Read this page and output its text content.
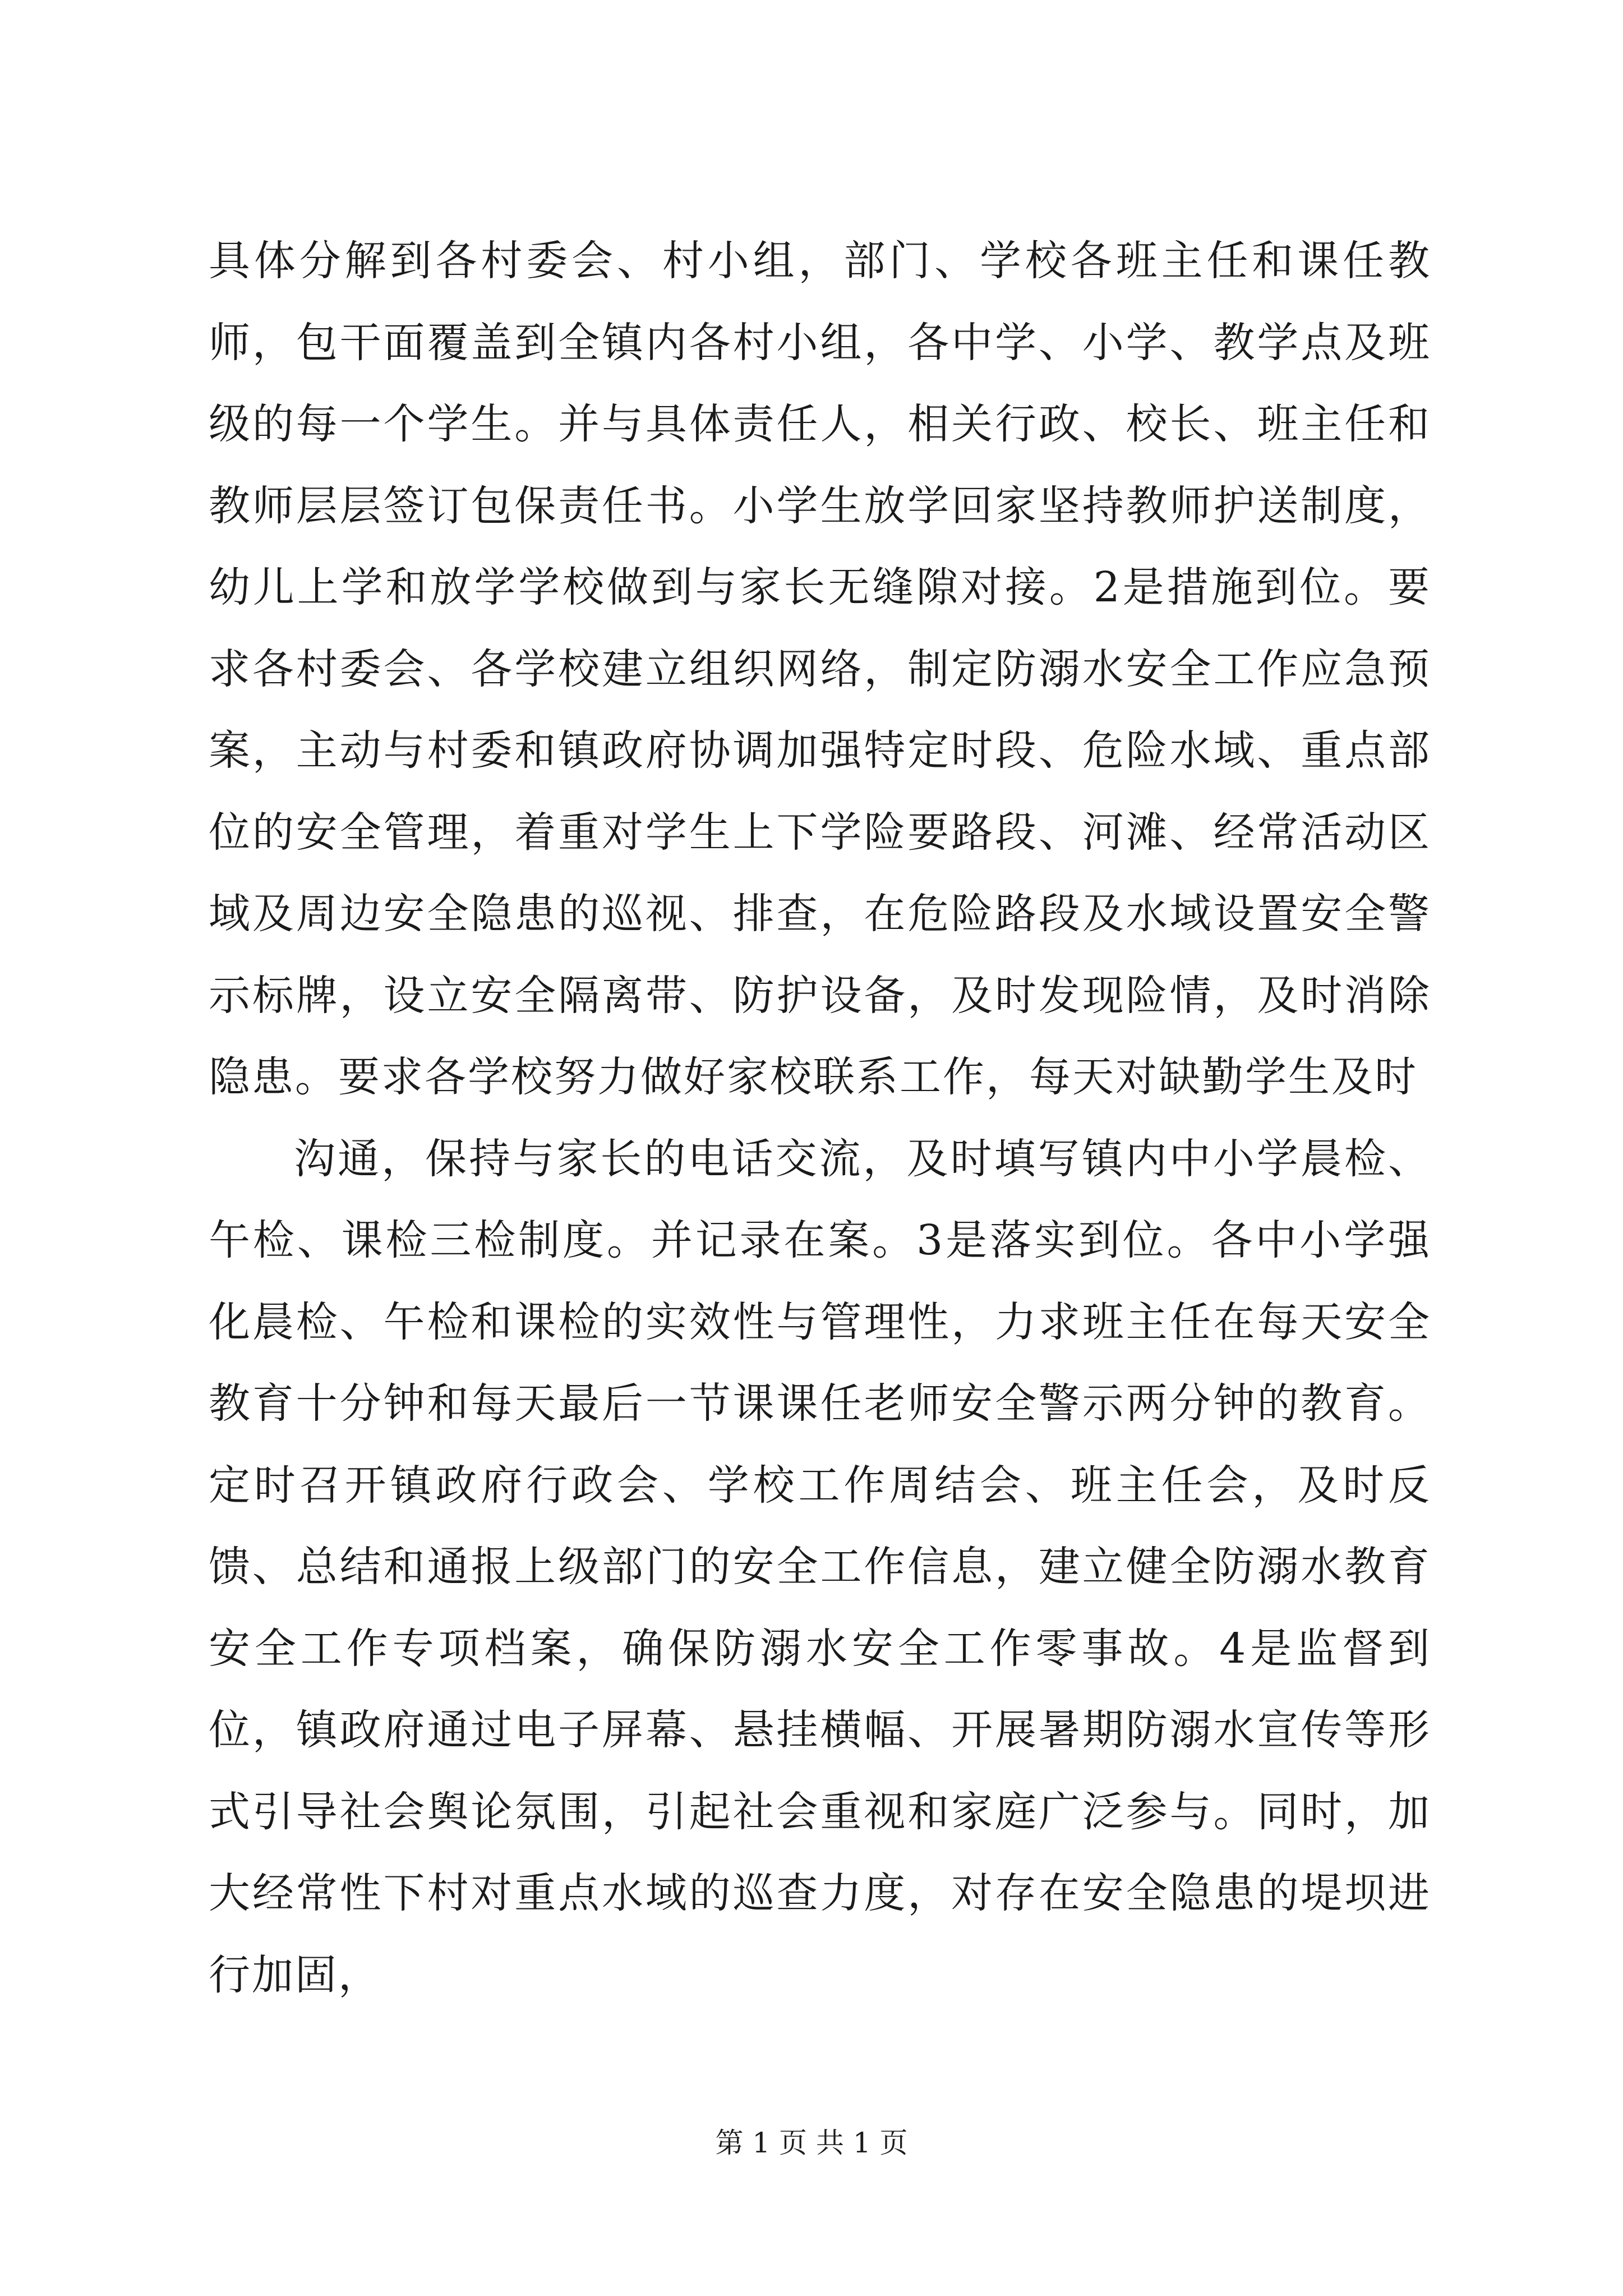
具体分解到各村委会、村小组，部门、学校各班主任和课任教师，包干面覆盖到全镇内各村小组，各中学、小学、教学点及班级的每一个学生。并与具体责任人，相关行政、校长、班主任和教师层层签订包保责任书。小学生放学回家坚持教师护送制度，幼儿上学和放学学校做到与家长无缝隙对接。2是措施到位。要求各村委会、各学校建立组织网络，制定防溺水安全工作应急预案，主动与村委和镇政府协调加强特定时段、危险水域、重点部位的安全管理，着重对学生上下学险要路段、河滩、经常活动区域及周边安全隐患的巡视、排查，在危险路段及水域设置安全警示标牌，设立安全隔离带、防护设备，及时发现险情，及时消除隐患。要求各学校努力做好家校联系工作，每天对缺勤学生及时

沟通，保持与家长的电话交流，及时填写镇内中小学晨检、午检、课检三检制度。并记录在案。3是落实到位。各中小学强化晨检、午检和课检的实效性与管理性，力求班主任在每天安全教育十分钟和每天最后一节课课任老师安全警示两分钟的教育。定时召开镇政府行政会、学校工作周结会、班主任会，及时反馈、总结和通报上级部门的安全工作信息，建立健全防溺水教育安全工作专项档案，确保防溺水安全工作零事故。4是监督到位，镇政府通过电子屏幕、悬挂横幅、开展暑期防溺水宣传等形式引导社会舆论氛围，引起社会重视和家庭广泛参与。同时，加大经常性下村对重点水域的巡查力度，对存在安全隐患的堤坝进行加固，

第 1 页 共 1 页
